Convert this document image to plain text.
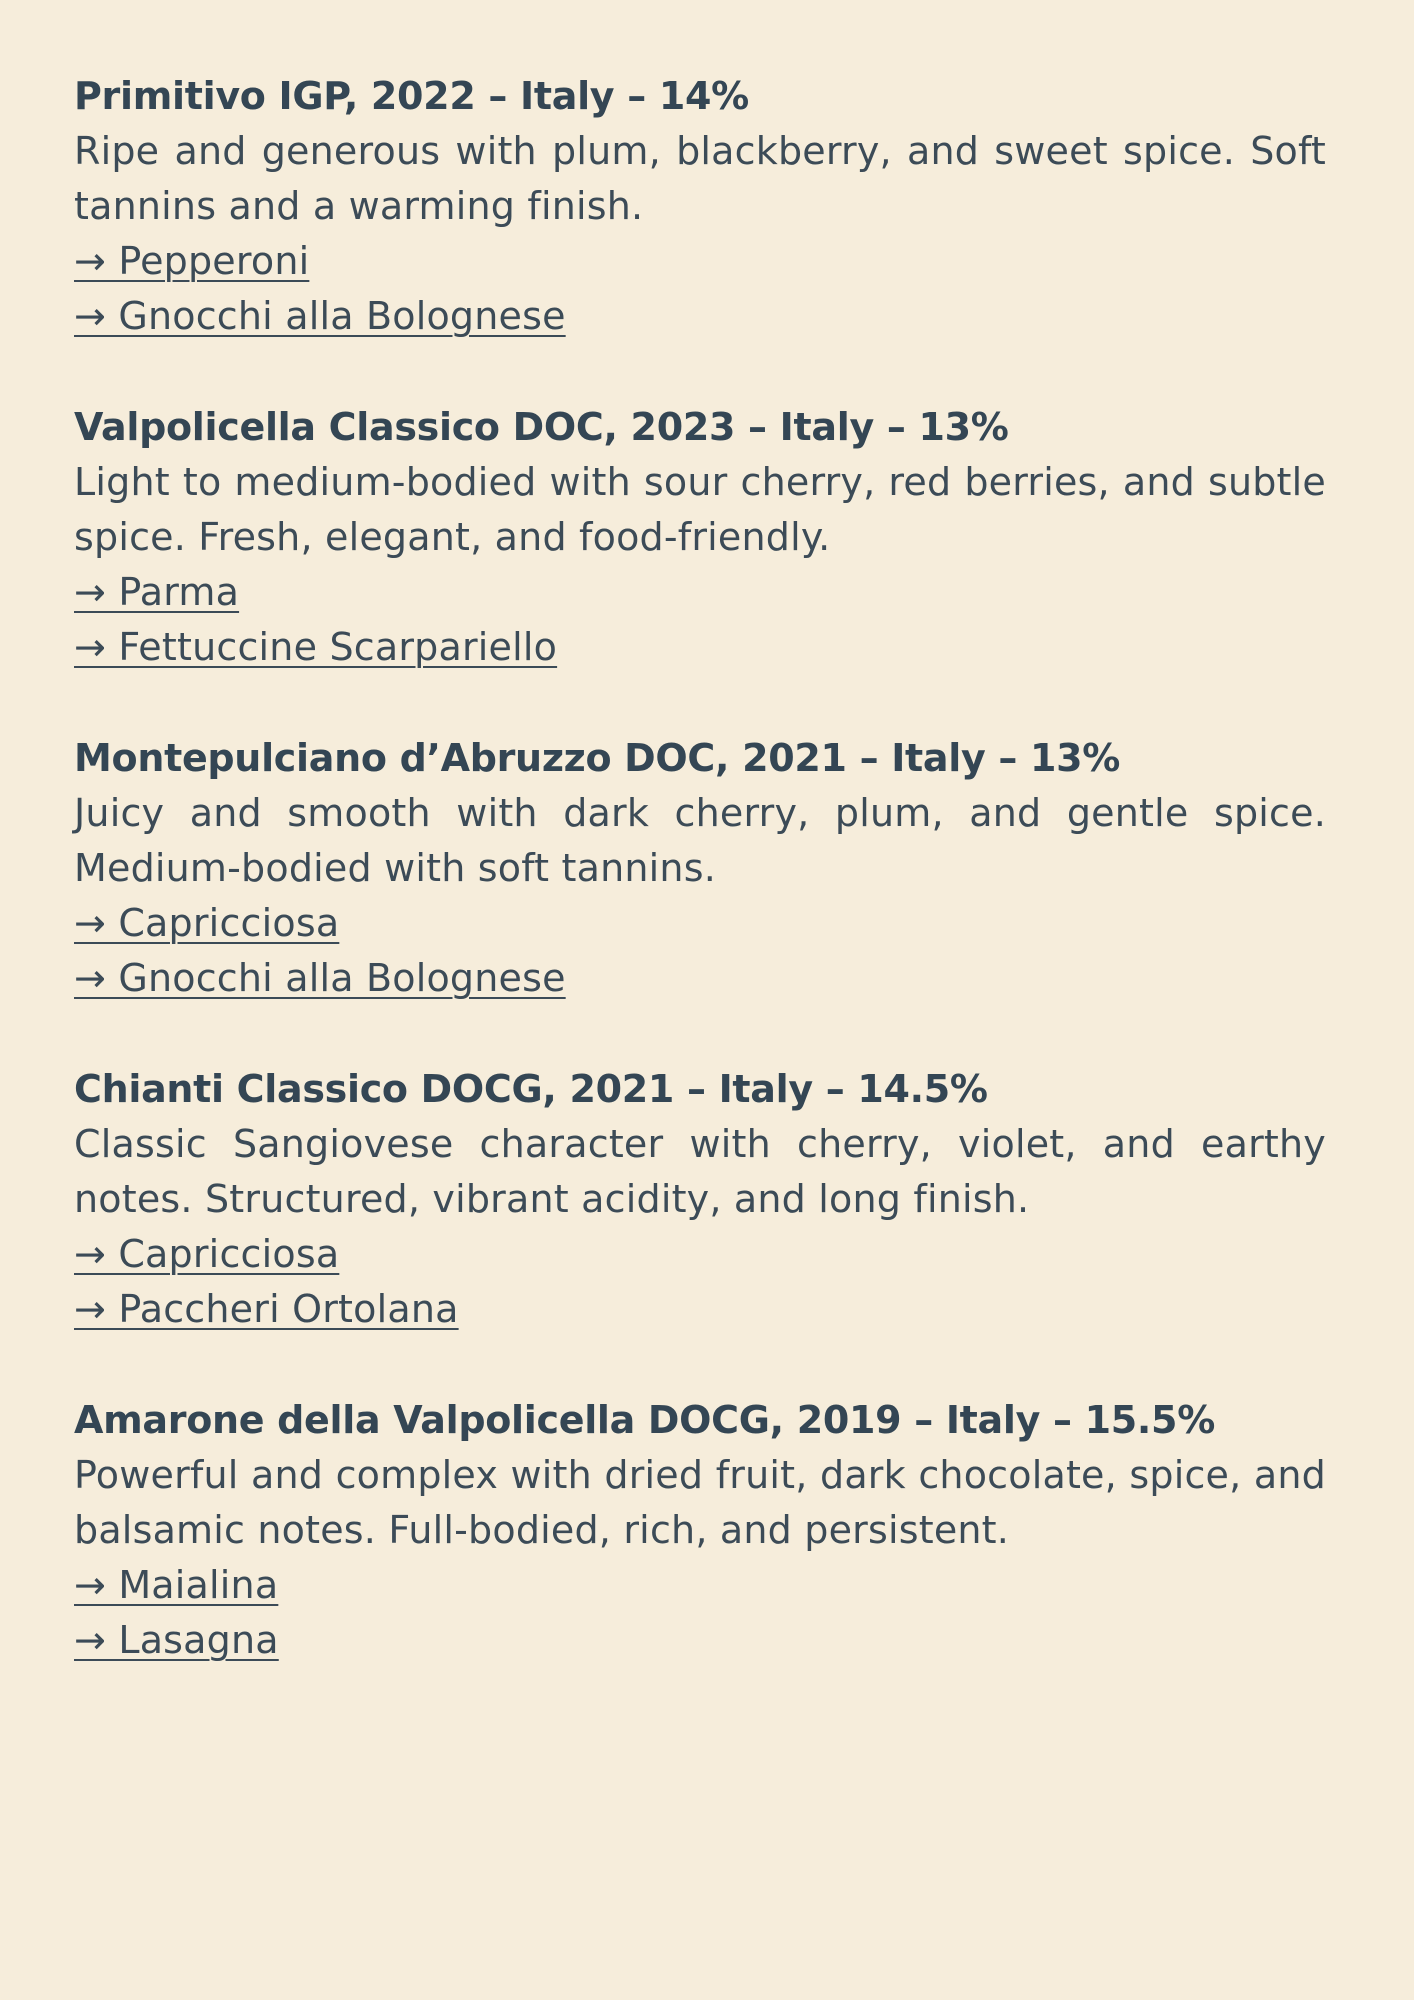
Primitivo IGP, 2022 – Italy – 14%

Ripe and generous with plum, blackberry, and sweet spice. Soft tannins and a warming finish.

→ Pepperoni
→ Gnocchi alla Bolognese
Valpolicella Classico DOC, 2023 – Italy – 13%

Light to medium-bodied with sour cherry, red berries, and subtle spice. Fresh, elegant, and food-friendly.

→ Parma
→ Fettuccine Scarpariello
Montepulciano d’Abruzzo DOC, 2021 – Italy – 13%

Juicy and smooth with dark cherry, plum, and gentle spice. Medium-bodied with soft tannins.

→ Capricciosa
→ Gnocchi alla Bolognese
Chianti Classico DOCG, 2021 – Italy – 14.5%

Classic Sangiovese character with cherry, violet, and earthy notes. Structured, vibrant acidity, and long finish.

→ Capricciosa
→ Paccheri Ortolana
Amarone della Valpolicella DOCG, 2019 – Italy – 15.5%

Powerful and complex with dried fruit, dark chocolate, spice, and balsamic notes. Full-bodied, rich, and persistent.

→ Maialina
→ Lasagna
